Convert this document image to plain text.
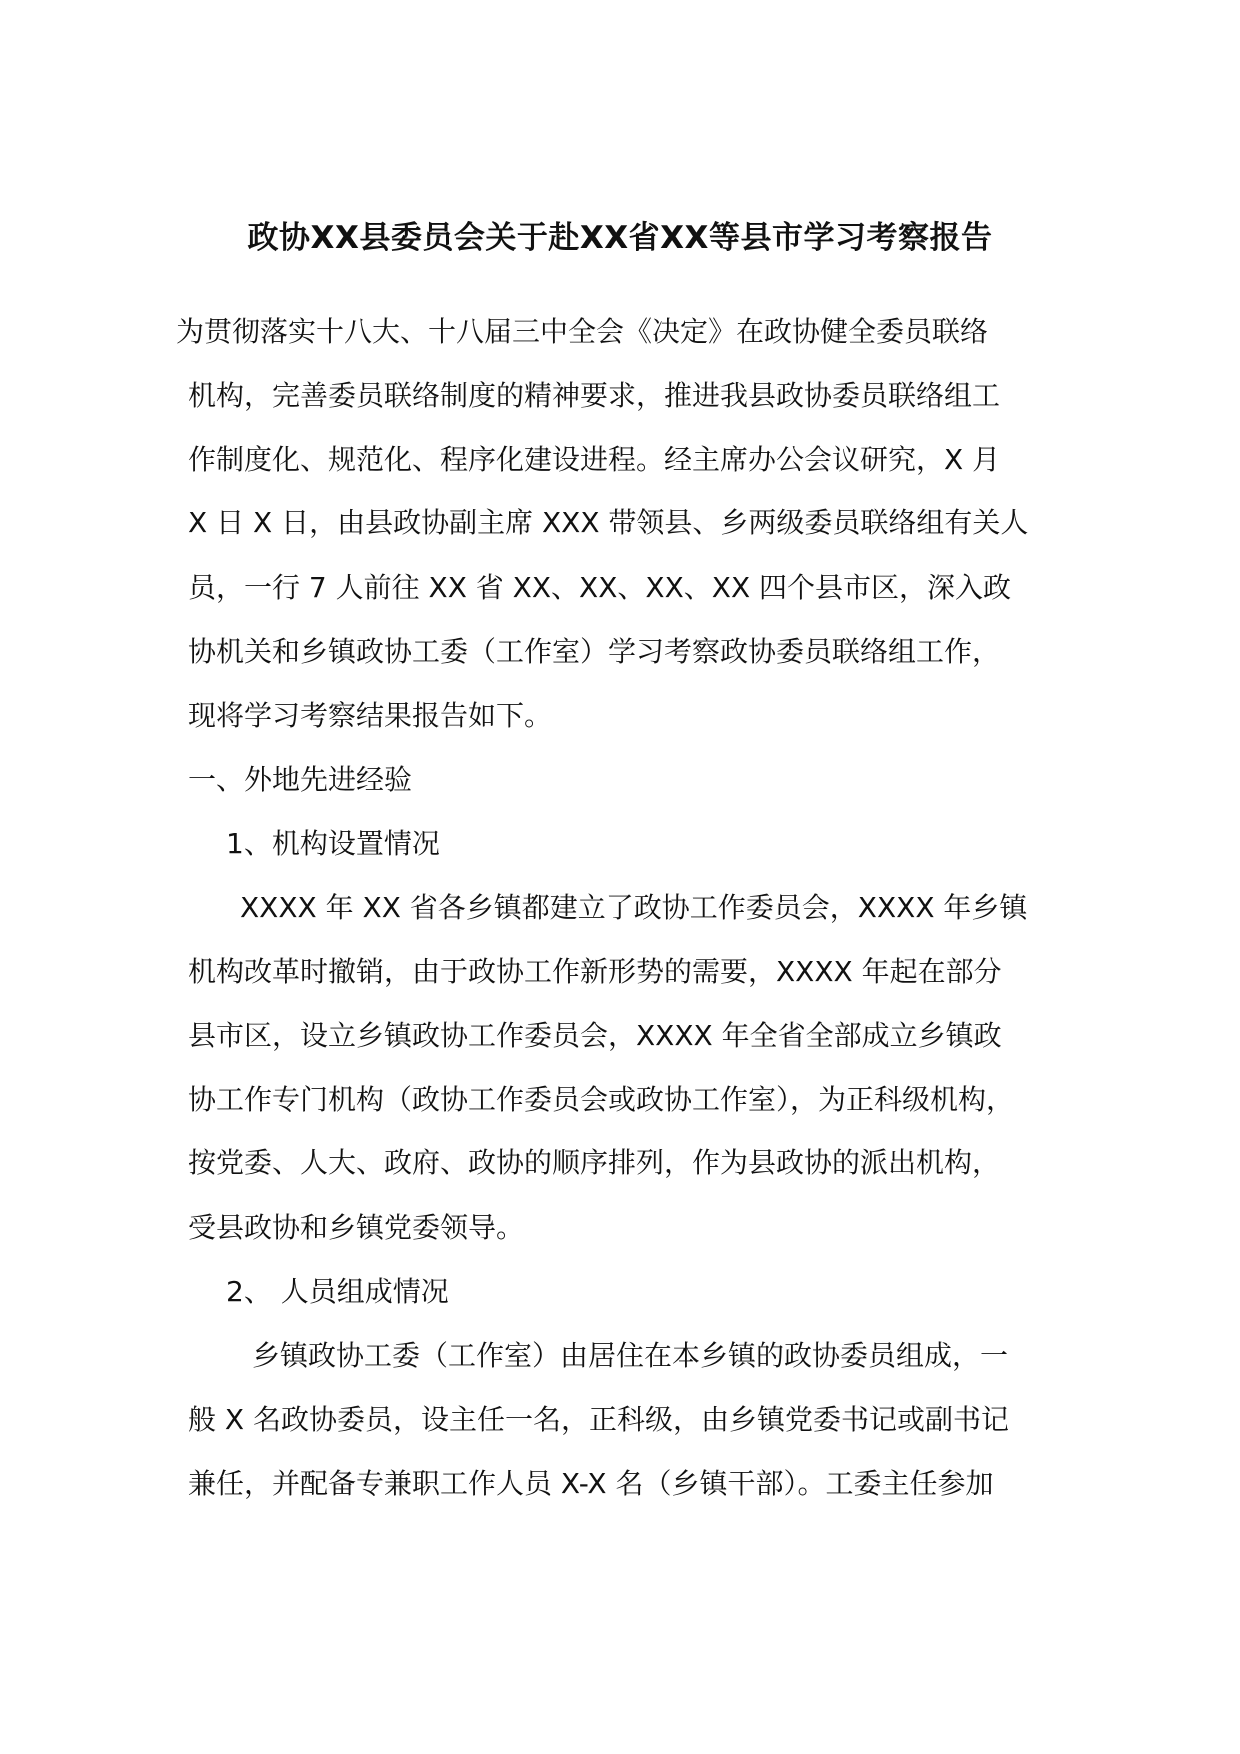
政协XX县委员会关于赴XX省XX等县市学习考察报告

为贯彻落实十八大、十八届三中全会《决定》在政协健全委员联络

机构，完善委员联络制度的精神要求，推进我县政协委员联络组工

作制度化、规范化、程序化建设进程。经主席办公会议研究，X 月

X 日 X 日，由县政协副主席 XXX 带领县、乡两级委员联络组有关人

员，一行 7 人前往 XX 省 XX、XX、XX、XX 四个县市区，深入政

协机关和乡镇政协工委（工作室）学习考察政协委员联络组工作，

现将学习考察结果报告如下。

一、外地先进经验

1、机构设置情况

XXXX 年 XX 省各乡镇都建立了政协工作委员会，XXXX 年乡镇

机构改革时撤销，由于政协工作新形势的需要，XXXX 年起在部分

县市区，设立乡镇政协工作委员会，XXXX 年全省全部成立乡镇政

协工作专门机构（政协工作委员会或政协工作室），为正科级机构，

按党委、人大、政府、政协的顺序排列，作为县政协的派出机构，

受县政协和乡镇党委领导。

2、 人员组成情况

乡镇政协工委（工作室）由居住在本乡镇的政协委员组成，一

般 X 名政协委员，设主任一名，正科级，由乡镇党委书记或副书记

兼任，并配备专兼职工作人员 X-X 名（乡镇干部）。工委主任参加
